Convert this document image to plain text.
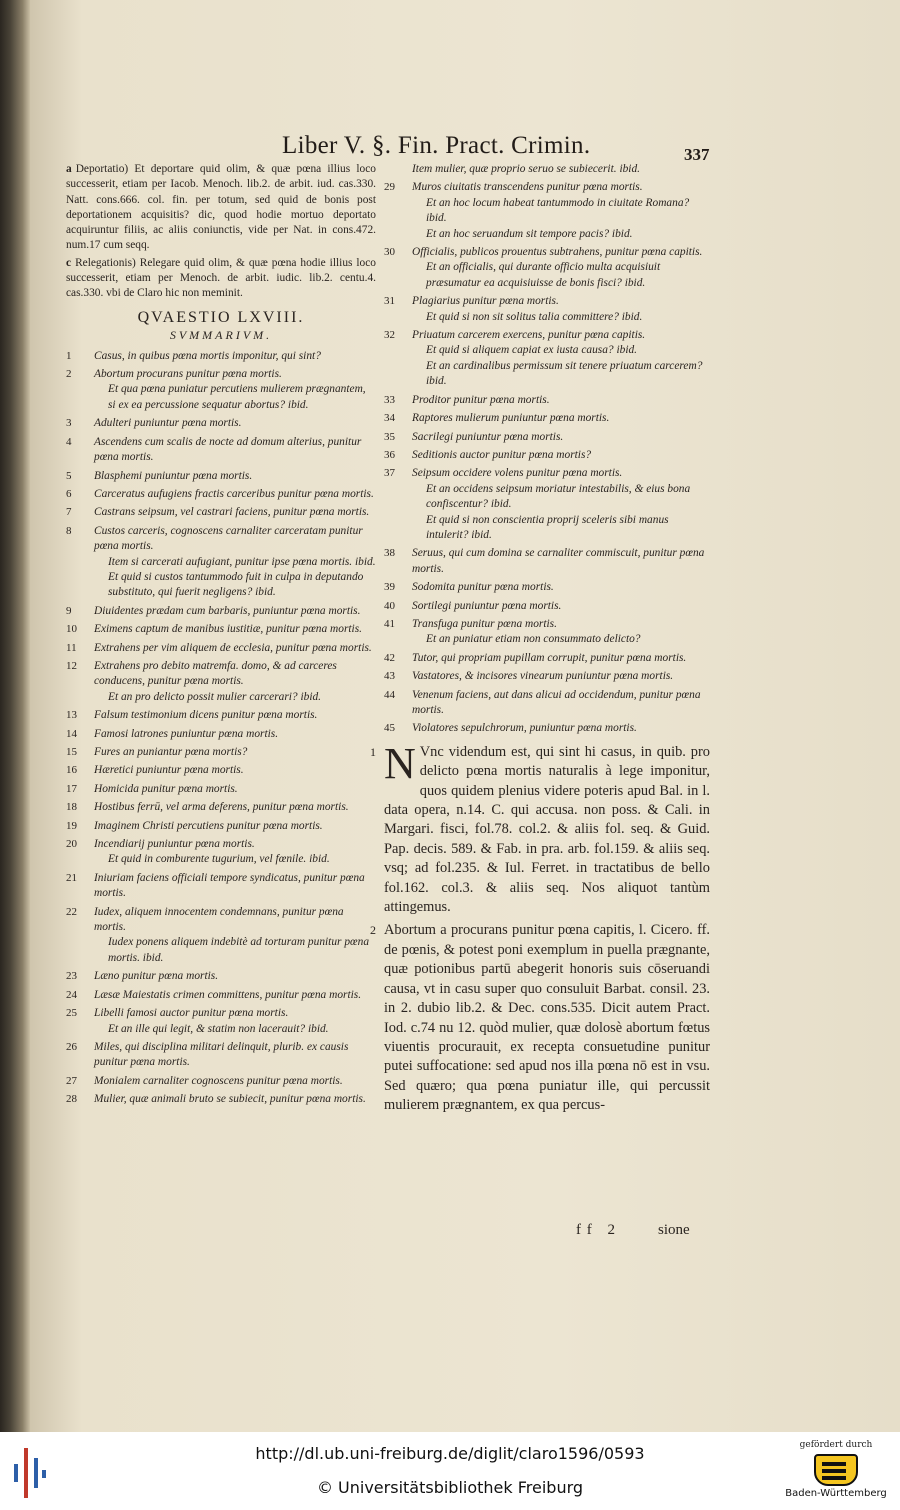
Liber V. §. Fin. Pract. Crimin.	337

a Deportatio) Et deportare quid olim, & quæ pœna illius loco successerit, etiam per Iacob. Menoch. lib.2. de arbit. iud. cas.330. Natt. cons.666. col. fin. per totum, sed quid de bonis post deportationem acquisitis? dic, quod hodie mortuo deportato acquiruntur filiis, ac aliis coniunctis, vide per Nat. in cons.472. num.17 cum seqq.

c Relegationis) Relegare quid olim, & quæ pœna hodie illius loco successerit, etiam per Menoch. de arbit. iudic. lib.2. centu.4. cas.330. vbi de Claro hic non meminit.

QVAESTIO LXVIII.
SVMMARIVM.
1	Casus, in quibus pœna mortis imponitur, qui sint?
2	Abortum procurans punitur pœna mortis.
Et qua pœna puniatur percutiens mulierem prægnantem, si ex ea percussione sequatur abortus? ibid.
3	Adulteri puniuntur pœna mortis.
4	Ascendens cum scalis de nocte ad domum alterius, punitur pœna mortis.
5	Blasphemi puniuntur pœna mortis.
6	Carceratus aufugiens fractis carceribus punitur pœna mortis.
7	Castrans seipsum, vel castrari faciens, punitur pœna mortis.
8	Custos carceris, cognoscens carnaliter carceratam punitur pœna mortis.
Item si carcerati aufugiant, punitur ipse pœna mortis. ibid.
Et quid si custos tantummodo fuit in culpa in deputando substituto, qui fuerit negligens? ibid.
9	Diuidentes prædam cum barbaris, puniuntur pœna mortis.
10	Eximens captum de manibus iustitiæ, punitur pœna mortis.
11	Extrahens per vim aliquem de ecclesia, punitur pœna mortis.
12	Extrahens pro debito matremfa. domo, & ad carceres conducens, punitur pœna mortis.
Et an pro delicto possit mulier carcerari? ibid.
13	Falsum testimonium dicens punitur pœna mortis.
14	Famosi latrones puniuntur pœna mortis.
15	Fures an puniantur pœna mortis?
16	Hæretici puniuntur pœna mortis.
17	Homicida punitur pœna mortis.
18	Hostibus ferrū, vel arma deferens, punitur pœna mortis.
19	Imaginem Christi percutiens punitur pœna mortis.
20	Incendiarij puniuntur pœna mortis.
Et quid in comburente tugurium, vel fœnile. ibid.
21	Iniuriam faciens officiali tempore syndicatus, punitur pœna mortis.
22	Iudex, aliquem innocentem condemnans, punitur pœna mortis.
Iudex ponens aliquem indebitè ad torturam punitur pœna mortis. ibid.
23	Læno punitur pœna mortis.
24	Læsæ Maiestatis crimen committens, punitur pœna mortis.
25	Libelli famosi auctor punitur pœna mortis.
Et an ille qui legit, & statim non lacerauit? ibid.
26	Miles, qui disciplina militari delinquit, plurib. ex causis punitur pœna mortis.
27	Monialem carnaliter cognoscens punitur pœna mortis.
28	Mulier, quæ animali bruto se subiecit, punitur pœna mortis.
Item mulier, quæ proprio seruo se subiecerit. ibid.
29	Muros ciuitatis transcendens punitur pœna mortis.
Et an hoc locum habeat tantummodo in ciuitate Romana? ibid.
Et an hoc seruandum sit tempore pacis? ibid.
30	Officialis, publicos prouentus subtrahens, punitur pœna capitis.
Et an officialis, qui durante officio multa acquisiuit præsumatur ea acquisiuisse de bonis fisci? ibid.
31	Plagiarius punitur pœna mortis.
Et quid si non sit solitus talia committere? ibid.
32	Priuatum carcerem exercens, punitur pœna capitis.
Et quid si aliquem capiat ex iusta causa? ibid.
Et an cardinalibus permissum sit tenere priuatum carcerem? ibid.
33	Proditor punitur pœna mortis.
34	Raptores mulierum puniuntur pœna mortis.
35	Sacrilegi puniuntur pœna mortis.
36	Seditionis auctor punitur pœna mortis?
37	Seipsum occidere volens punitur pœna mortis.
Et an occidens seipsum moriatur intestabilis, & eius bona confiscentur? ibid.
Et quid si non conscientia proprij sceleris sibi manus intulerit? ibid.
38	Seruus, qui cum domina se carnaliter commiscuit, punitur pœna mortis.
39	Sodomita punitur pœna mortis.
40	Sortilegi puniuntur pœna mortis.
41	Transfuga punitur pœna mortis.
Et an puniatur etiam non consummato delicto?
42	Tutor, qui propriam pupillam corrupit, punitur pœna mortis.
43	Vastatores, & incisores vinearum puniuntur pœna mortis.
44	Venenum faciens, aut dans alicui ad occidendum, punitur pœna mortis.
45	Violatores sepulchrorum, puniuntur pœna mortis.

1 N Vnc videndum est, qui sint hi casus, in quib. pro delicto pœna mortis naturalis à lege imponitur, quos quidem plenius videre poteris apud Bal. in l. data opera, n.14. C. qui accusa. non poss. & Cali. in Margari. fisci, fol.78. col.2. & aliis fol. seq. & Guid. Pap. decis. 589. & Fab. in pra. arb. fol.159. & aliis seq. vsq; ad fol.235. & Iul. Ferret. in tractatibus de bello fol.162. col.3. & aliis seq. Nos aliquot tantùm attingemus.

2 Abortum a procurans punitur pœna capitis, l. Cicero. ff. de pœnis, & potest poni exemplum in puella prægnante, quæ potionibus partū abegerit honoris suis cōseruandi causa, vt in casu super quo consuluit Barbat. consil. 23. in 2. dubio lib.2. & Dec. cons.535. Dicit autem Pract. Iod. c.74 nu 12. quòd mulier, quæ dolosè abortum fœtus viuentis procurauit, ex recepta consuetudine punitur putei suffocatione: sed apud nos illa pœna nō est in vsu. Sed quæro; qua pœna puniatur ille, qui percussit mulierem prægnantem, ex qua percus-

ff 2 sione
http://dl.ub.uni-freiburg.de/diglit/claro1596/0593
© Universitätsbibliothek Freiburg
gefördert durch
Baden-Württemberg
